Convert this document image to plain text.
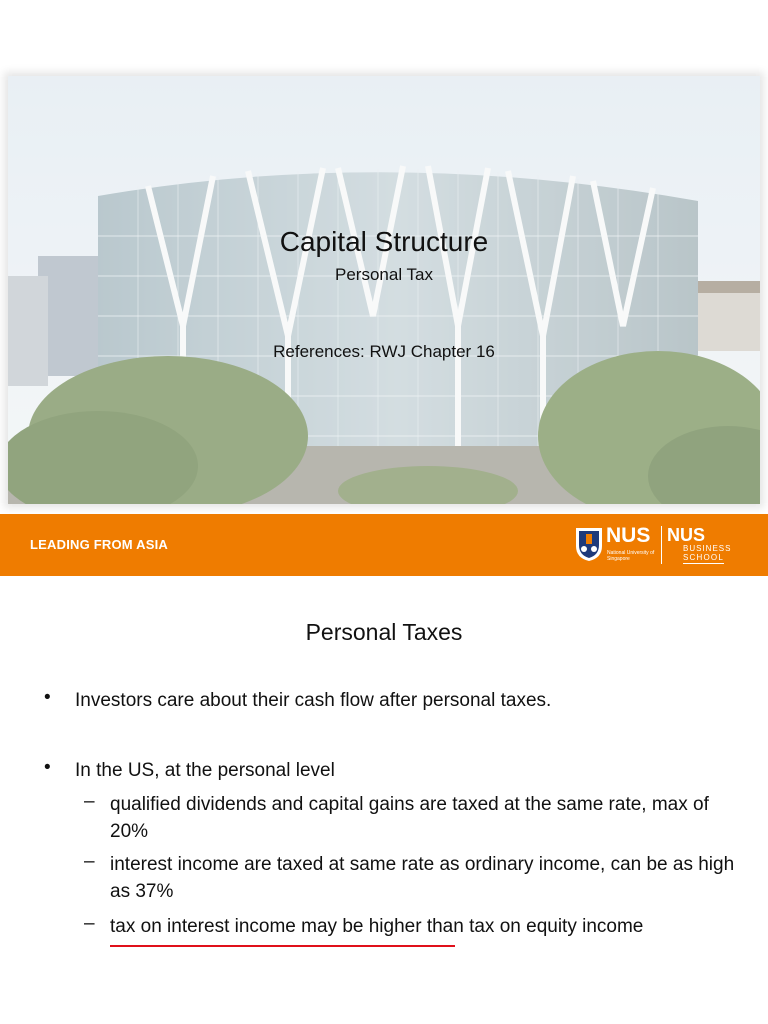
Capital Structure
Personal Tax
References: RWJ Chapter 16
LEADING FROM ASIA	NUS
National University of Singapore
NUS
BUSINESS
SCHOOL
Personal Taxes
• Investors care about their cash flow after personal taxes.
• In the US, at the personal level
– qualified dividends and capital gains are taxed at the same rate, max of 20%
– interest income are taxed at same rate as ordinary income, can be as high as 37%
– tax on interest income may be higher than tax on equity income
